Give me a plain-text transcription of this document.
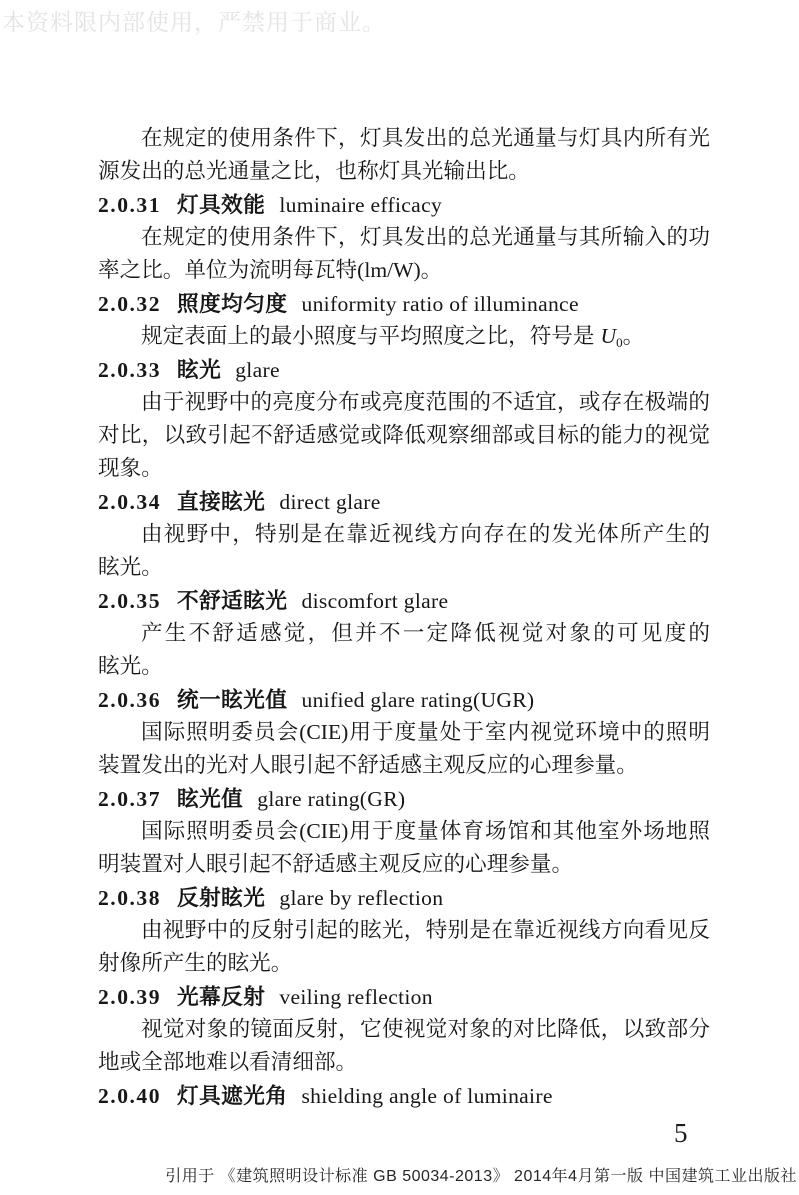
本资料限内部使用，严禁用于商业。
在规定的使用条件下，灯具发出的总光通量与灯具内所有光
源发出的总光通量之比，也称灯具光输出比。
2.0.31 灯具效能 luminaire efficacy
在规定的使用条件下，灯具发出的总光通量与其所输入的功
率之比。单位为流明每瓦特(lm/W)。
2.0.32 照度均匀度 uniformity ratio of illuminance
规定表面上的最小照度与平均照度之比，符号是 $U_0$。
2.0.33 眩光 glare
由于视野中的亮度分布或亮度范围的不适宜，或存在极端的
对比，以致引起不舒适感觉或降低观察细部或目标的能力的视觉
现象。
2.0.34 直接眩光 direct glare
由视野中，特别是在靠近视线方向存在的发光体所产生的
眩光。
2.0.35 不舒适眩光 discomfort glare
产生不舒适感觉，但并不一定降低视觉对象的可见度的
眩光。
2.0.36 统一眩光值 unified glare rating(UGR)
国际照明委员会(CIE)用于度量处于室内视觉环境中的照明
装置发出的光对人眼引起不舒适感主观反应的心理参量。
2.0.37 眩光值 glare rating(GR)
国际照明委员会(CIE)用于度量体育场馆和其他室外场地照
明装置对人眼引起不舒适感主观反应的心理参量。
2.0.38 反射眩光 glare by reflection
由视野中的反射引起的眩光，特别是在靠近视线方向看见反
射像所产生的眩光。
2.0.39 光幕反射 veiling reflection
视觉对象的镜面反射，它使视觉对象的对比降低，以致部分
地或全部地难以看清细部。
2.0.40 灯具遮光角 shielding angle of luminaire
5
引用于 《建筑照明设计标准 GB 50034-2013》 2014年4月第一版 中国建筑工业出版社
